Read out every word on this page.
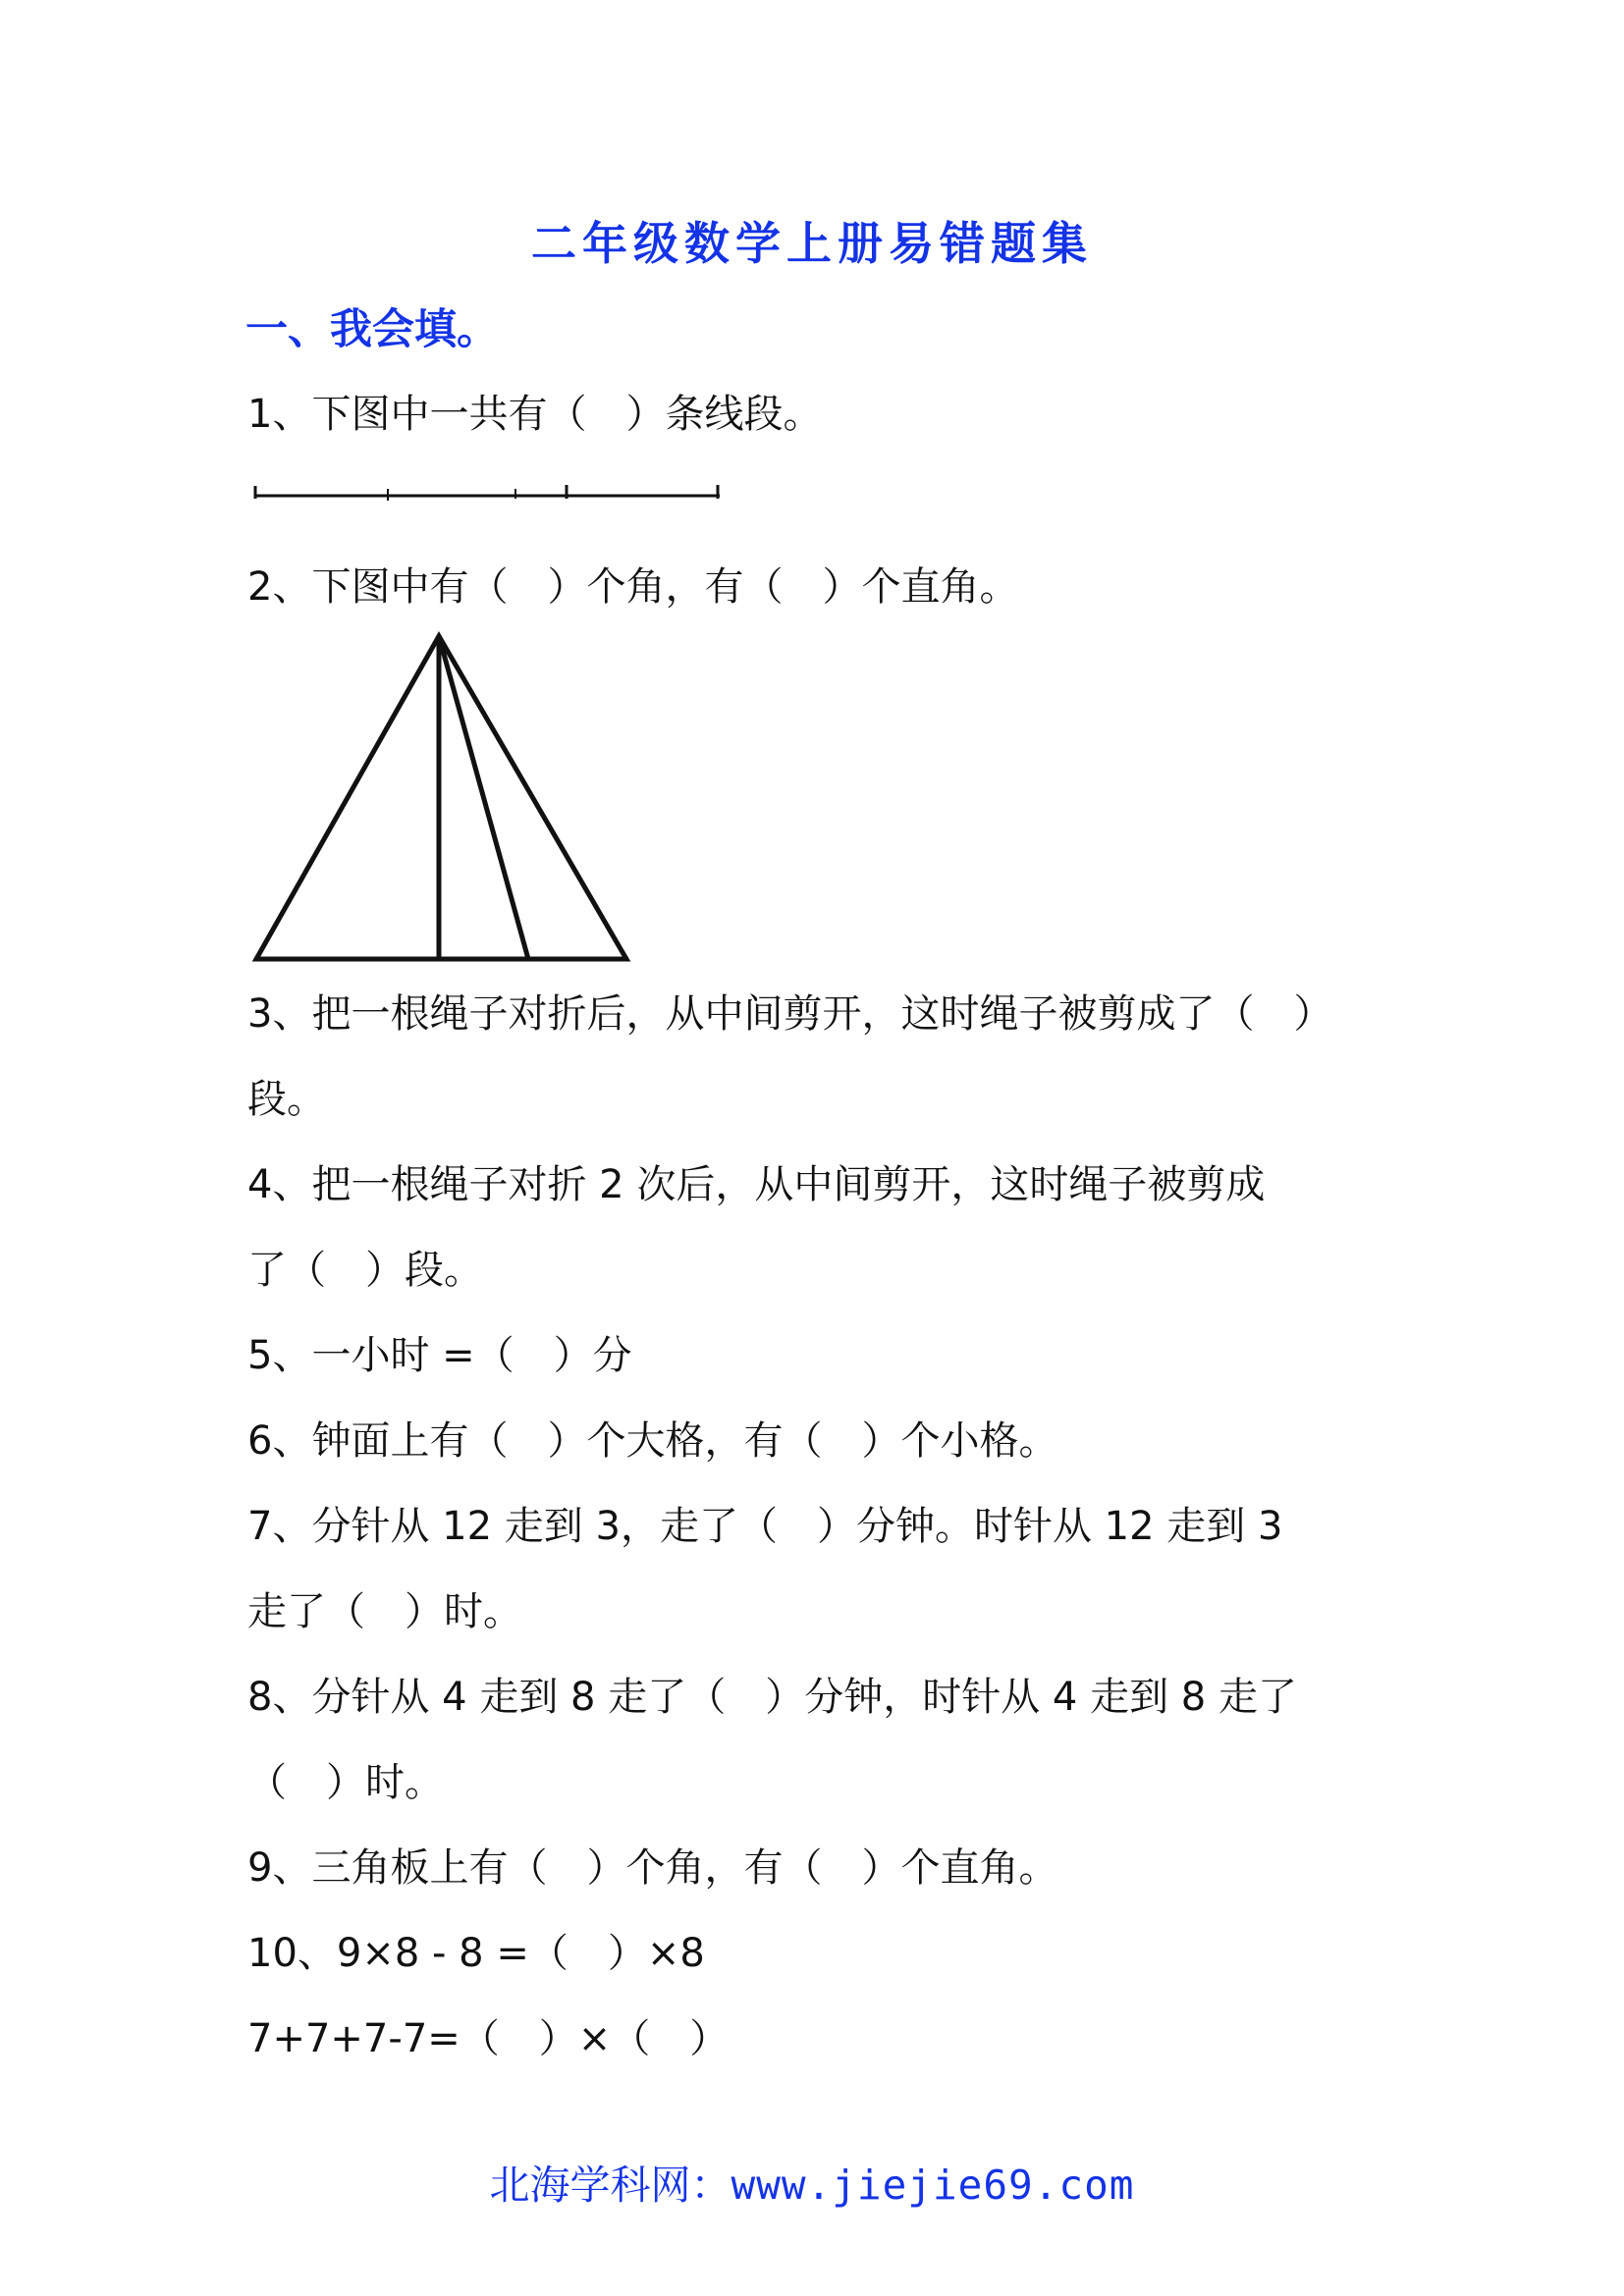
二年级数学上册易错题集
一、我会填。
1、下图中一共有（　）条线段。
2、下图中有（　）个角，有（　）个直角。
3、把一根绳子对折后，从中间剪开，这时绳子被剪成了（　）
段。
4、把一根绳子对折 2 次后，从中间剪开，这时绳子被剪成
了（　）段。
5、一小时 =（　）分
6、钟面上有（　）个大格，有（　）个小格。
7、分针从 12 走到 3，走了（　）分钟。时针从 12 走到 3
走了（　）时。
8、分针从 4 走到 8 走了（　）分钟，时针从 4 走到 8 走了
（　）时。
9、三角板上有（　）个角，有（　）个直角。
10、9×8 - 8 =（　）×8
7+7+7-7=（　）×（　）
北海学科网：www.jiejie69.com
